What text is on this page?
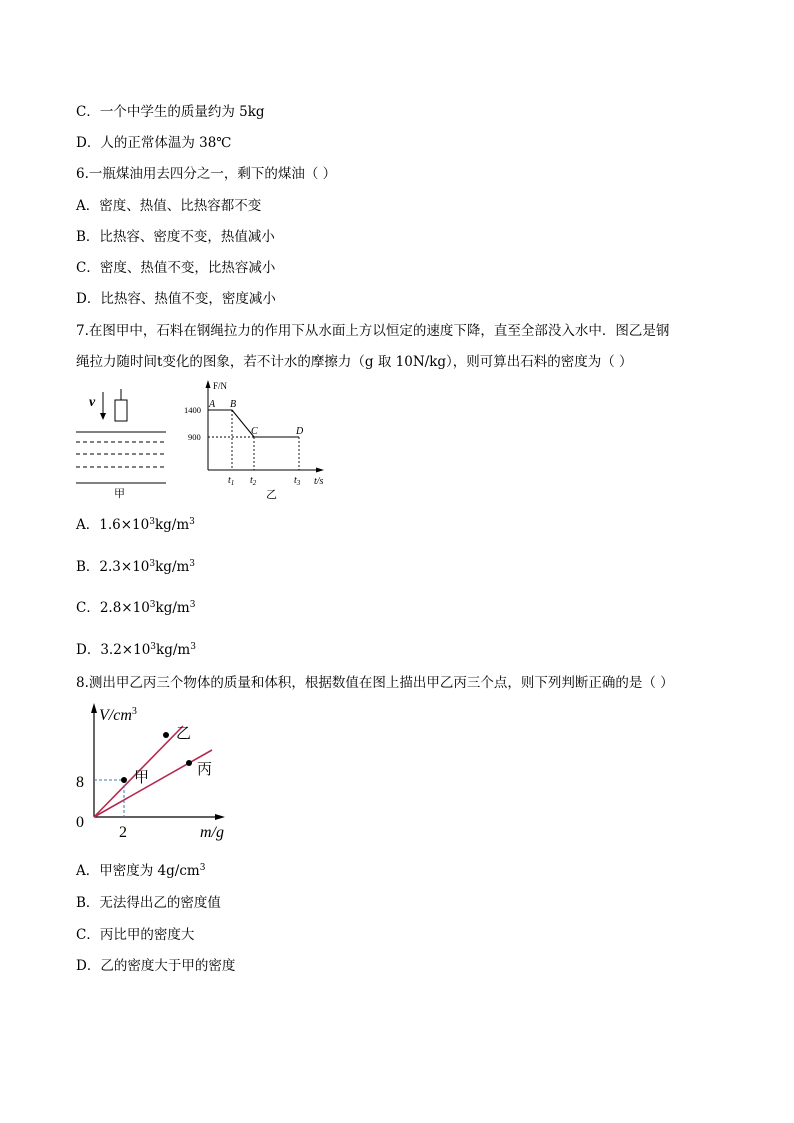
C．一个中学生的质量约为 5kg
D．人的正常体温为 38℃
6.一瓶煤油用去四分之一，剩下的煤油（ ）
A．密度、热值、比热容都不变
B．比热容、密度不变，热值减小
C．密度、热值不变，比热容减小
D．比热容、热值不变，密度减小
7.在图甲中，石料在钢绳拉力的作用下从水面上方以恒定的速度下降，直至全部没入水中．图乙是钢
绳拉力随时间t变化的图象，若不计水的摩擦力（g 取 10N/kg），则可算出石料的密度为（ ）
v
甲
F/N
t/s
1400
900
A B
C	D
$t_1$ $t_2$	$t_3$
乙
A．$1.6\times 10^3kg/m^3$
B．$2.3\times 10^3kg/m^3$
C．$2.8\times 10^3kg/m^3$
D．$3.2\times 10^3kg/m^3$
8.测出甲乙丙三个物体的质量和体积，根据数值在图上描出甲乙丙三个点，则下列判断正确的是（ ）
$V/cm^3$
m/g
0
8
2
甲
乙
丙
A．甲密度为 $4g/cm^3$
B．无法得出乙的密度值
C．丙比甲的密度大
D．乙的密度大于甲的密度
